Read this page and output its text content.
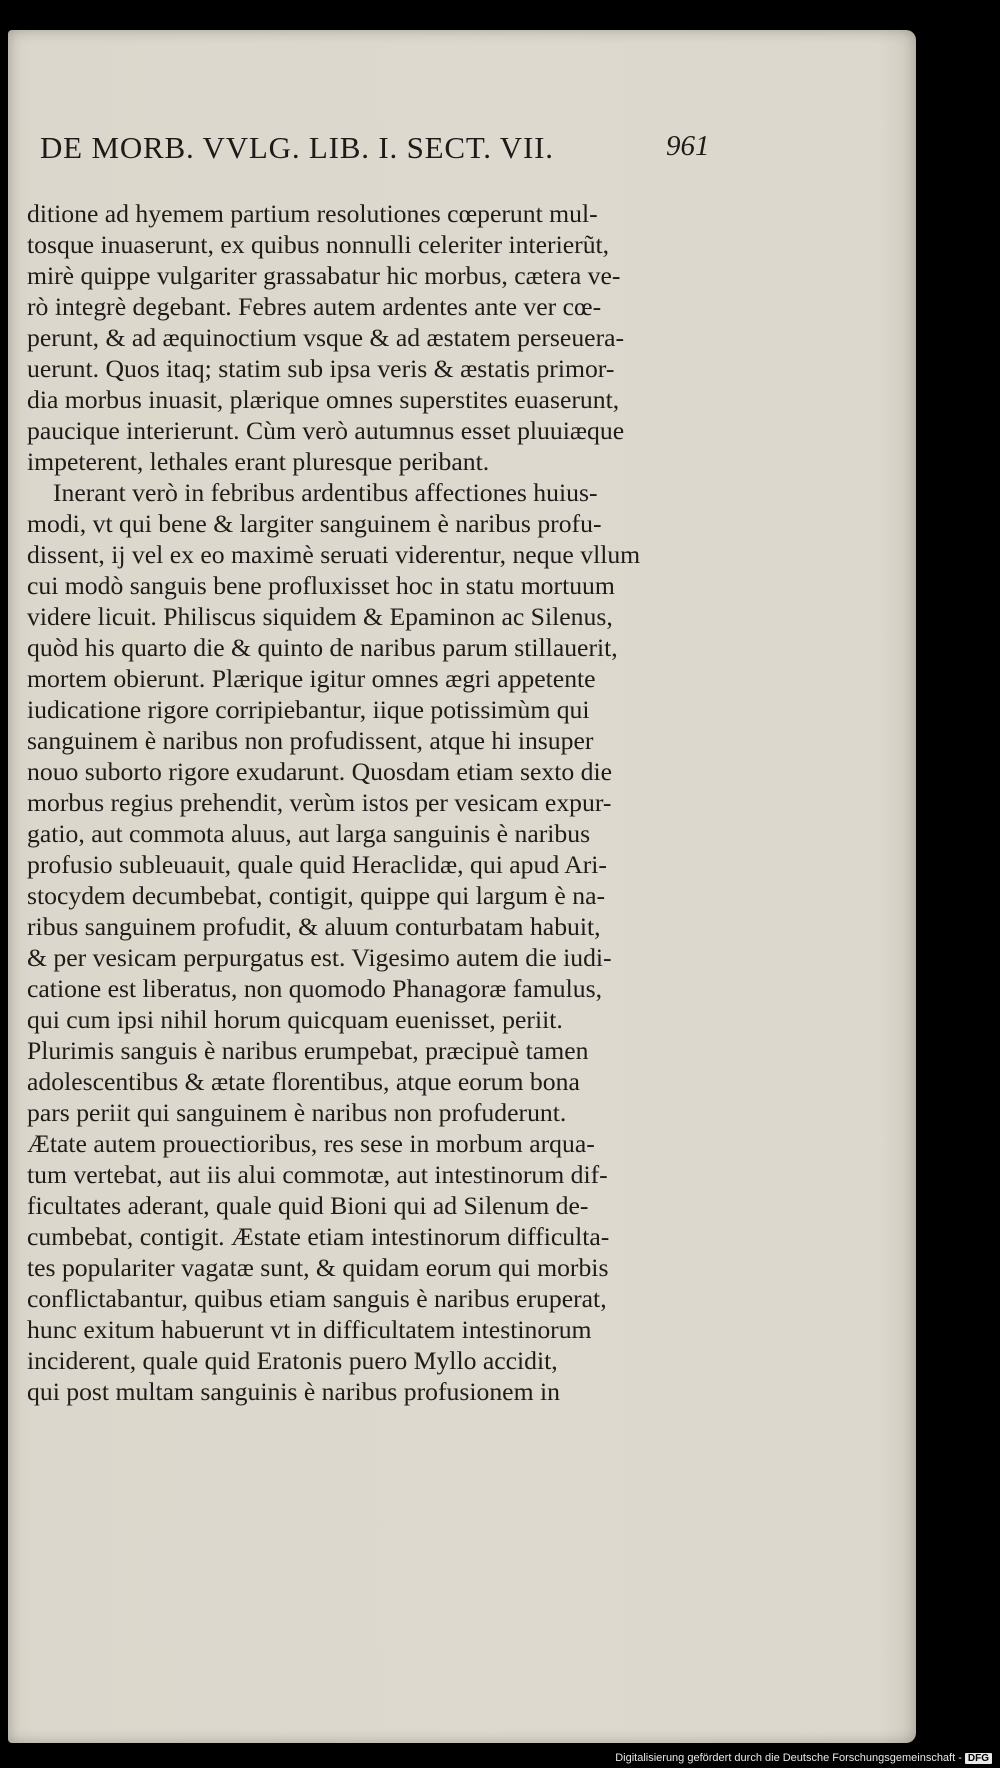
DE MORB. VVLG. LIB. I. SECT. VII.	961
ditione ad hyemem partium resolutiones cœperunt mul-
tosque inuaserunt, ex quibus nonnulli celeriter interierũt,
mirè quippe vulgariter grassabatur hic morbus, cætera ve-
rò integrè degebant. Febres autem ardentes ante ver cœ-
perunt, & ad æquinoctium vsque & ad æstatem perseuera-
uerunt. Quos itaq; statim sub ipsa veris & æstatis primor-
dia morbus inuasit, plærique omnes superstites euaserunt,
paucique interierunt. Cùm verò autumnus esset pluuiæque
impeterent, lethales erant pluresque peribant.
Inerant verò in febribus ardentibus affectiones huius-
modi, vt qui bene & largiter sanguinem è naribus profu-
dissent, ij vel ex eo maximè seruati viderentur, neque vllum
cui modò sanguis bene profluxisset hoc in statu mortuum
videre licuit. Philiscus siquidem & Epaminon ac Silenus,
quòd his quarto die & quinto de naribus parum stillauerit,
mortem obierunt. Plærique igitur omnes ægri appetente
iudicatione rigore corripiebantur, iique potissimùm qui
sanguinem è naribus non profudissent, atque hi insuper
nouo suborto rigore exudarunt. Quosdam etiam sexto die
morbus regius prehendit, verùm istos per vesicam expur-
gatio, aut commota aluus, aut larga sanguinis è naribus
profusio subleuauit, quale quid Heraclidæ, qui apud Ari-
stocydem decumbebat, contigit, quippe qui largum è na-
ribus sanguinem profudit, & aluum conturbatam habuit,
& per vesicam perpurgatus est. Vigesimo autem die iudi-
catione est liberatus, non quomodo Phanagoræ famulus,
qui cum ipsi nihil horum quicquam euenisset, periit.
Plurimis sanguis è naribus erumpebat, præcipuè tamen
adolescentibus & ætate florentibus, atque eorum bona
pars periit qui sanguinem è naribus non profuderunt.
Ætate autem prouectioribus, res sese in morbum arqua-
tum vertebat, aut iis alui commotæ, aut intestinorum dif-
ficultates aderant, quale quid Bioni qui ad Silenum de-
cumbebat, contigit. Æstate etiam intestinorum difficulta-
tes populariter vagatæ sunt, & quidam eorum qui morbis
conflictabantur, quibus etiam sanguis è naribus eruperat,
hunc exitum habuerunt vt in difficultatem intestinorum
inciderent, quale quid Eratonis puero Myllo accidit,
qui post multam sanguinis è naribus profusionem in
Digitalisierung gefördert durch die Deutsche Forschungsgemeinschaft - DFG
